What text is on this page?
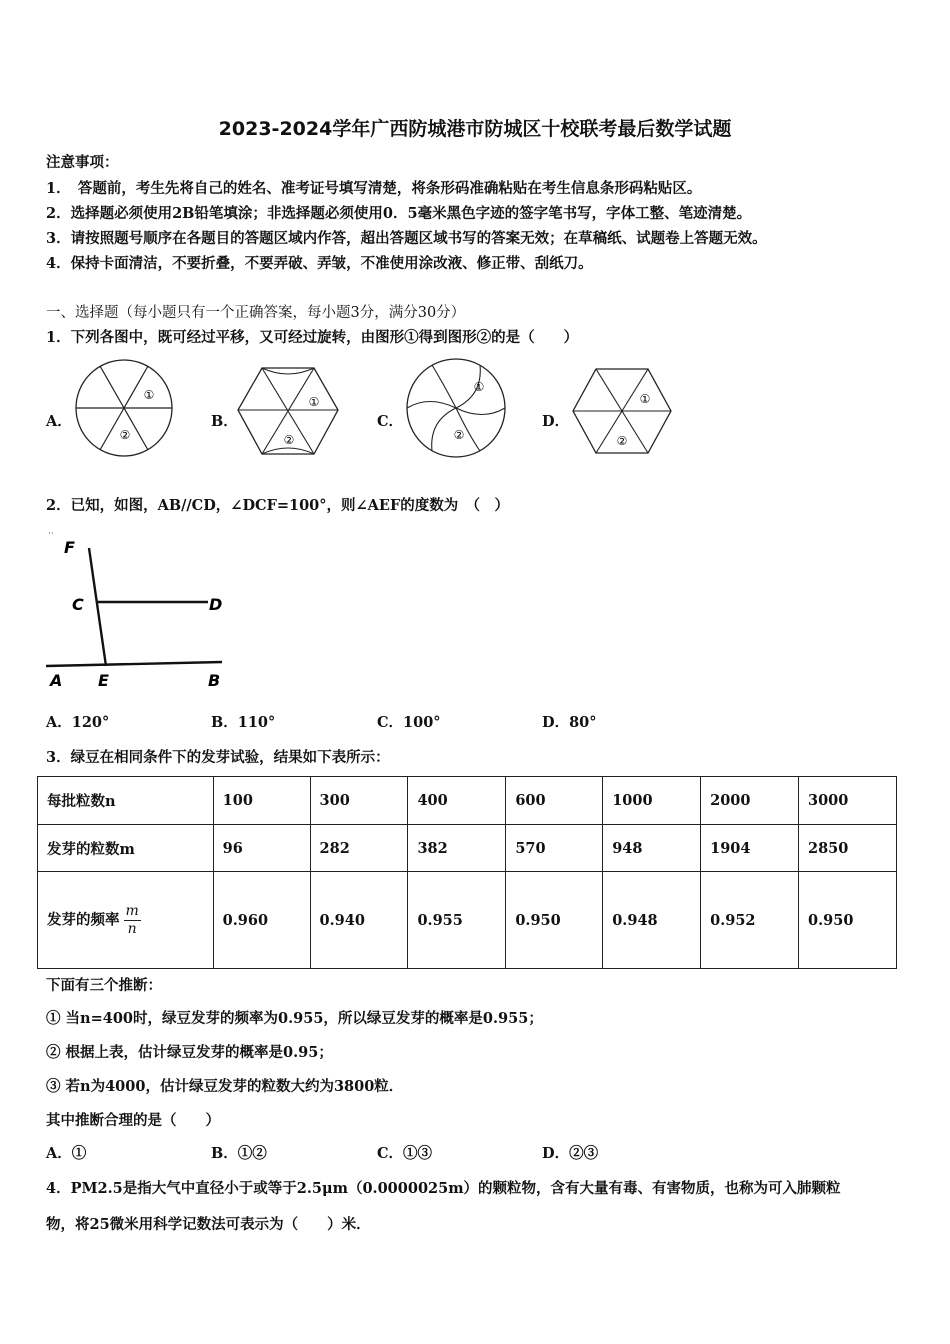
2023-2024学年广西防城港市防城区十校联考最后数学试题
注意事项：
1．　答题前，考生先将自己的姓名、准考证号填写清楚，将条形码准确粘贴在考生信息条形码粘贴区。
2．选择题必须使用2B铅笔填涂；非选择题必须使用0．5毫米黑色字迹的签字笔书写，字体工整、笔迹清楚。
3．请按照题号顺序在各题目的答题区域内作答，超出答题区域书写的答案无效；在草稿纸、试题卷上答题无效。
4．保持卡面清洁，不要折叠，不要弄破、弄皱，不准使用涂改液、修正带、刮纸刀。
一、选择题（每小题只有一个正确答案，每小题3分，满分30分）
1．下列各图中，既可经过平移，又可经过旋转，由图形①得到图形②的是（　　）
A．
①
②
B．
①
②
C．
①
②
D．
①
②
2．已知，如图，AB//CD，∠DCF=100°，则∠AEF的度数为　（　）
··
F
C	D
A E	B
A．120°	B．110°	C．100°	D．80°
3．绿豆在相同条件下的发芽试验，结果如下表所示：
每批粒数n	100	300	400	600	1000	2000	3000
发芽的粒数m	96	282	382	570	948	1904	2850
发芽的频率 $\frac{m}{n}$	0.960	0.940	0.955	0.950	0.948	0.952	0.950
下面有三个推断：
① 当n=400时，绿豆发芽的频率为0.955，所以绿豆发芽的概率是0.955；
② 根据上表，估计绿豆发芽的概率是0.95；
③ 若n为4000，估计绿豆发芽的粒数大约为3800粒．
其中推断合理的是（　　）
A．①	B．①②	C．①③	D．②③
4．PM2.5是指大气中直径小于或等于2.5μm（0.0000025m）的颗粒物，含有大量有毒、有害物质，也称为可入肺颗粒
物，将25微米用科学记数法可表示为（　　）米．
